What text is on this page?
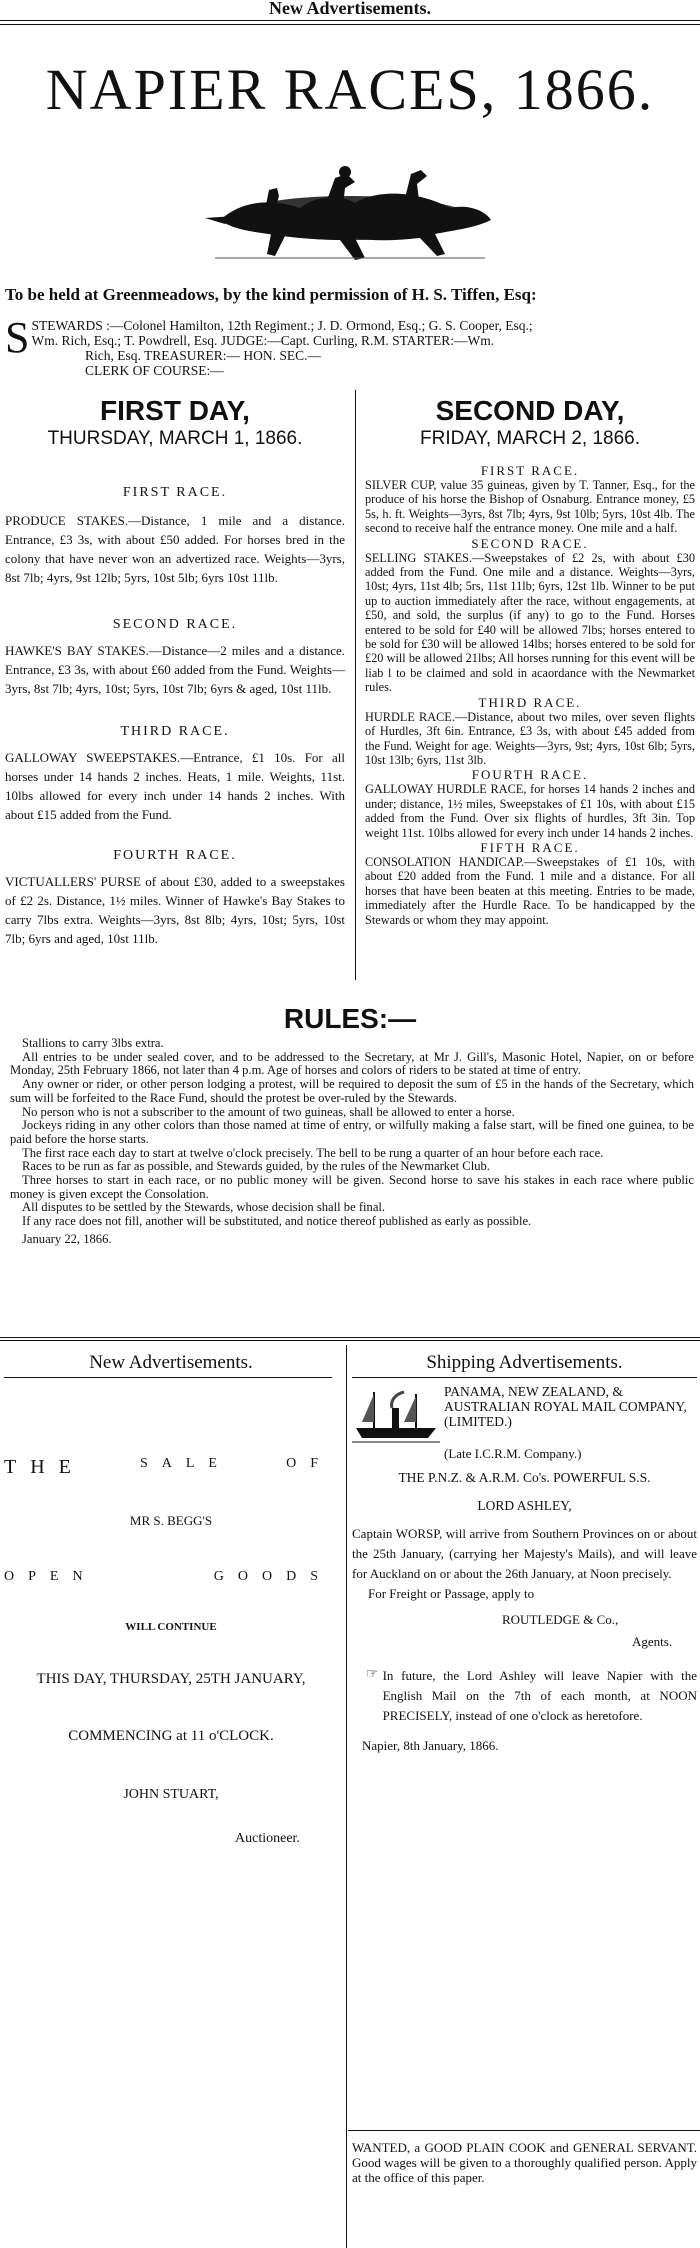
New Advertisements.
NAPIER RACES, 1866.
To be held at Greenmeadows, by the kind permission of H. S. Tiffen, Esq:
S STEWARDS :—Colonel Hamilton, 12th Regiment.; J. D. Ormond, Esq.; G. S. Cooper, Esq.;
Wm. Rich, Esq.; T. Powdrell, Esq. JUDGE:—Capt. Curling, R.M. STARTER:—Wm.
Rich, Esq. TREASURER:— HON. SEC.—
CLERK OF COURSE:—
FIRST DAY,
THURSDAY, MARCH 1, 1866.
FIRST RACE.

PRODUCE STAKES.—Distance, 1 mile and a distance. Entrance, £3 3s, with about £50 added. For horses bred in the colony that have never won an advertized race. Weights—3yrs, 8st 7lb; 4yrs, 9st 12lb; 5yrs, 10st 5lb; 6yrs 10st 11lb.

SECOND RACE.

HAWKE'S BAY STAKES.—Distance—2 miles and a distance. Entrance, £3 3s, with about £60 added from the Fund. Weights—3yrs, 8st 7lb; 4yrs, 10st; 5yrs, 10st 7lb; 6yrs & aged, 10st 11lb.

THIRD RACE.

GALLOWAY SWEEPSTAKES.—Entrance, £1 10s. For all horses under 14 hands 2 inches. Heats, 1 mile. Weights, 11st. 10lbs allowed for every inch under 14 hands 2 inches. With about £15 added from the Fund.

FOURTH RACE.

VICTUALLERS' PURSE of about £30, added to a sweepstakes of £2 2s. Distance, 1½ miles. Winner of Hawke's Bay Stakes to carry 7lbs extra. Weights—3yrs, 8st 8lb; 4yrs, 10st; 5yrs, 10st 7lb; 6yrs and aged, 10st 11lb.

SECOND DAY,
FRIDAY, MARCH 2, 1866.
FIRST RACE.

SILVER CUP, value 35 guineas, given by T. Tanner, Esq., for the produce of his horse the Bishop of Osnaburg. Entrance money, £5 5s, h. ft. Weights—3yrs, 8st 7lb; 4yrs, 9st 10lb; 5yrs, 10st 4lb. The second to receive half the entrance money. One mile and a half.

SECOND RACE.

SELLING STAKES.—Sweepstakes of £2 2s, with about £30 added from the Fund. One mile and a distance. Weights—3yrs, 10st; 4yrs, 11st 4lb; 5rs, 11st 11lb; 6yrs, 12st 1lb. Winner to be put up to auction immediately after the race, without engagements, at £50, and sold, the surplus (if any) to go to the Fund. Horses entered to be sold for £40 will be allowed 7lbs; horses entered to be sold for £30 will be allowed 14lbs; horses entered to be sold for £20 will be allowed 21lbs; All horses running for this event will be liab l to be claimed and sold in acaordance with the Newmarket rules.

THIRD RACE.

HURDLE RACE.—Distance, about two miles, over seven flights of Hurdles, 3ft 6in. Entrance, £3 3s, with about £45 added from the Fund. Weight for age. Weights—3yrs, 9st; 4yrs, 10st 6lb; 5yrs, 10st 13lb; 6yrs, 11st 3lb.

FOURTH RACE.

GALLOWAY HURDLE RACE, for horses 14 hands 2 inches and under; distance, 1½ miles, Sweepstakes of £1 10s, with about £15 added from the Fund. Over six flights of hurdles, 3ft 3in. Top weight 11st. 10lbs allowed for every inch under 14 hands 2 inches.

FIFTH RACE.

CONSOLATION HANDICAP.—Sweepstakes of £1 10s, with about £20 added from the Fund. 1 mile and a distance. For all horses that have been beaten at this meeting. Entries to be made, immediately after the Hurdle Race. To be handicapped by the Stewards or whom they may appoint.

RULES:—
Stallions to carry 3lbs extra.
All entries to be under sealed cover, and to be addressed to the Secretary, at Mr J. Gill's, Masonic Hotel, Napier, on or before Monday, 25th February 1866, not later than 4 p.m. Age of horses and colors of riders to be stated at time of entry.
Any owner or rider, or other person lodging a protest, will be required to deposit the sum of £5 in the hands of the Secretary, which sum will be forfeited to the Race Fund, should the protest be over-ruled by the Stewards.
No person who is not a subscriber to the amount of two guineas, shall be allowed to enter a horse.
Jockeys riding in any other colors than those named at time of entry, or wilfully making a false start, will be fined one guinea, to be paid before the horse starts.
The first race each day to start at twelve o'clock precisely. The bell to be rung a quarter of an hour before each race.
Races to be run as far as possible, and Stewards guided, by the rules of the Newmarket Club.
Three horses to start in each race, or no public money will be given. Second horse to save his stakes in each race where public money is given except the Consolation.
All disputes to be settled by the Stewards, whose decision shall be final.
If any race does not fill, another will be substituted, and notice thereof published as early as possible.
January 22, 1866.
New Advertisements.
THE	SALE	OF
MR S. BEGG'S
OPEN	GOODS
WILL CONTINUE
THIS DAY, THURSDAY, 25TH JANUARY,
COMMENCING at 11 o'CLOCK.
JOHN STUART,
Auctioneer.
Shipping Advertisements.
PANAMA, NEW ZEALAND, & AUSTRALIAN ROYAL MAIL COMPANY, (LIMITED.)
(Late I.C.R.M. Company.)
THE P.N.Z. & A.R.M. Co's. POWERFUL S.S.
LORD ASHLEY,

Captain WORSP, will arrive from Southern Provinces on or about the 25th January, (carrying her Majesty's Mails), and will leave for Auckland on or about the 26th January, at Noon precisely.

For Freight or Passage, apply to
ROUTLEDGE & Co.,
Agents.
☞ In future, the Lord Ashley will leave Napier with the English Mail on the 7th of each month, at NOON PRECISELY, instead of one o'clock as heretofore.

Napier, 8th January, 1866.

WANTED, a GOOD PLAIN COOK and GENERAL SERVANT. Good wages will be given to a thoroughly qualified person. Apply at the office of this paper.
